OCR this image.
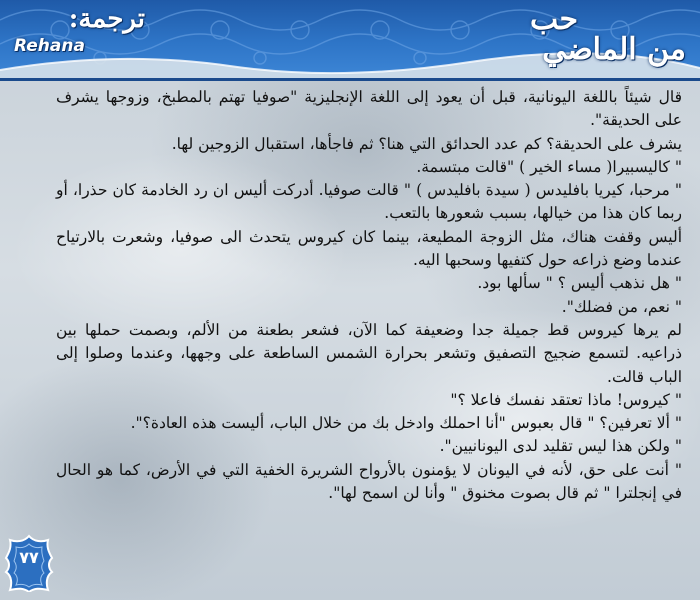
ترجمة:
Rehana
حب
من الماضي

قال شيئاً باللغة اليونانية، قبل أن يعود إلى اللغة الإنجليزية "صوفيا تهتم بالمطبخ، وزوجها يشرف على الحديقة".

يشرف على الحديقة؟ كم عدد الحدائق التي هنا؟ ثم فاجأها، استقبال الزوجين لها.

" كاليسبيرا( مساء الخير ) "قالت مبتسمة.

" مرحبا، كيريا بافليدس ( سيدة بافليدس ) " قالت صوفيا. أدركت أليس ان رد الخادمة كان حذرا، أو ربما كان هذا من خيالها، بسبب شعورها بالتعب.

أليس وقفت هناك، مثل الزوجة المطيعة، بينما كان كيروس يتحدث الى صوفيا، وشعرت بالارتياح عندما وضع ذراعه حول كتفيها وسحبها اليه.

" هل نذهب أليس ؟ " سألها بود.

" نعم، من فضلك".

لم يرها كيروس قط جميلة جدا وضعيفة كما الآن، فشعر بطعنة من الألم، وبصمت حملها بين ذراعيه. لتسمع ضجيج التصفيق وتشعر بحرارة الشمس الساطعة على وجهها، وعندما وصلوا إلى الباب قالت.

" كيروس! ماذا تعتقد نفسك فاعلا ؟"

" ألا تعرفين؟ " قال بعبوس "أنا احملك وادخل بك من خلال الباب، أليست هذه العادة؟".

" ولكن هذا ليس تقليد لدى اليونانيين".

" أنت على حق، لأنه في اليونان لا يؤمنون بالأرواح الشريرة الخفية التي في الأرض، كما هو الحال في إنجلترا " ثم قال بصوت مخنوق " وأنا لن اسمح لها".

٧٧
